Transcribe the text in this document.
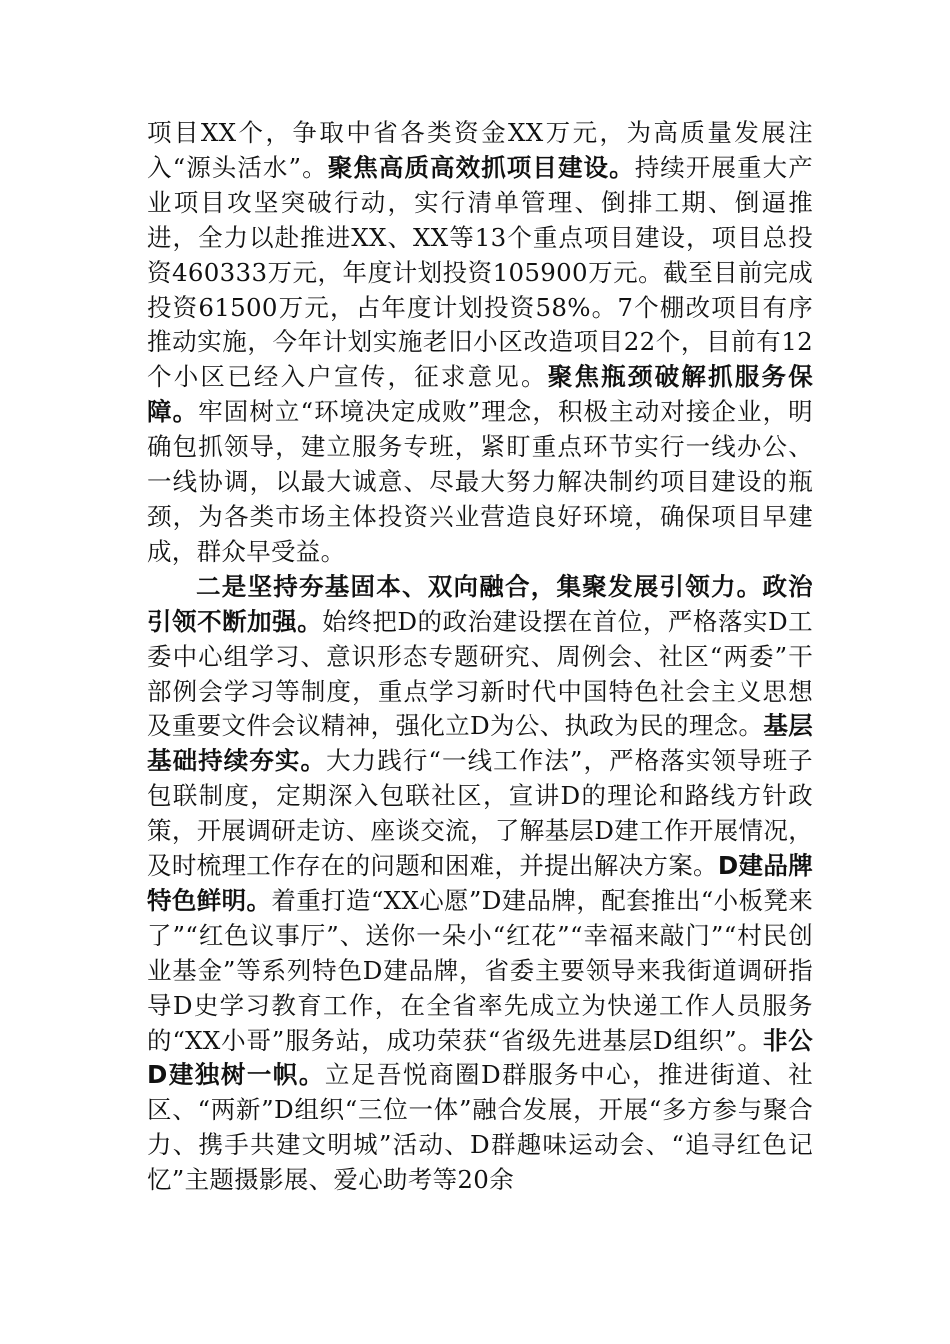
项目XX个，争取中省各类资金XX万元，为高质量发展注入“源头活水”。聚焦高质高效抓项目建设。持续开展重大产业项目攻坚突破行动，实行清单管理、倒排工期、倒逼推进，全力以赴推进XX、XX等13个重点项目建设，项目总投资460333万元，年度计划投资105900万元。截至目前完成投资61500万元，占年度计划投资58%。7个棚改项目有序推动实施，今年计划实施老旧小区改造项目22个，目前有12个小区已经入户宣传，征求意见。聚焦瓶颈破解抓服务保障。牢固树立“环境决定成败”理念，积极主动对接企业，明确包抓领导，建立服务专班，紧盯重点环节实行一线办公、一线协调，以最大诚意、尽最大努力解决制约项目建设的瓶颈，为各类市场主体投资兴业营造良好环境，确保项目早建成，群众早受益。

二是坚持夯基固本、双向融合，集聚发展引领力。政治引领不断加强。始终把D的政治建设摆在首位，严格落实D工委中心组学习、意识形态专题研究、周例会、社区“两委”干部例会学习等制度，重点学习新时代中国特色社会主义思想及重要文件会议精神，强化立D为公、执政为民的理念。基层基础持续夯实。大力践行“一线工作法”，严格落实领导班子包联制度，定期深入包联社区，宣讲D的理论和路线方针政策，开展调研走访、座谈交流，了解基层D建工作开展情况，及时梳理工作存在的问题和困难，并提出解决方案。D建品牌特色鲜明。着重打造“XX心愿”D建品牌，配套推出“小板凳来了”“红色议事厅”、送你一朵小“红花”“幸福来敲门”“村民创业基金”等系列特色D建品牌，省委主要领导来我街道调研指导D史学习教育工作，在全省率先成立为快递工作人员服务的“XX小哥”服务站，成功荣获“省级先进基层D组织”。非公D建独树一帜。立足吾悦商圈D群服务中心，推进街道、社区、“两新”D组织“三位一体”融合发展，开展“多方参与聚合力、携手共建文明城”活动、D群趣味运动会、“追寻红色记忆”主题摄影展、爱心助考等20余
